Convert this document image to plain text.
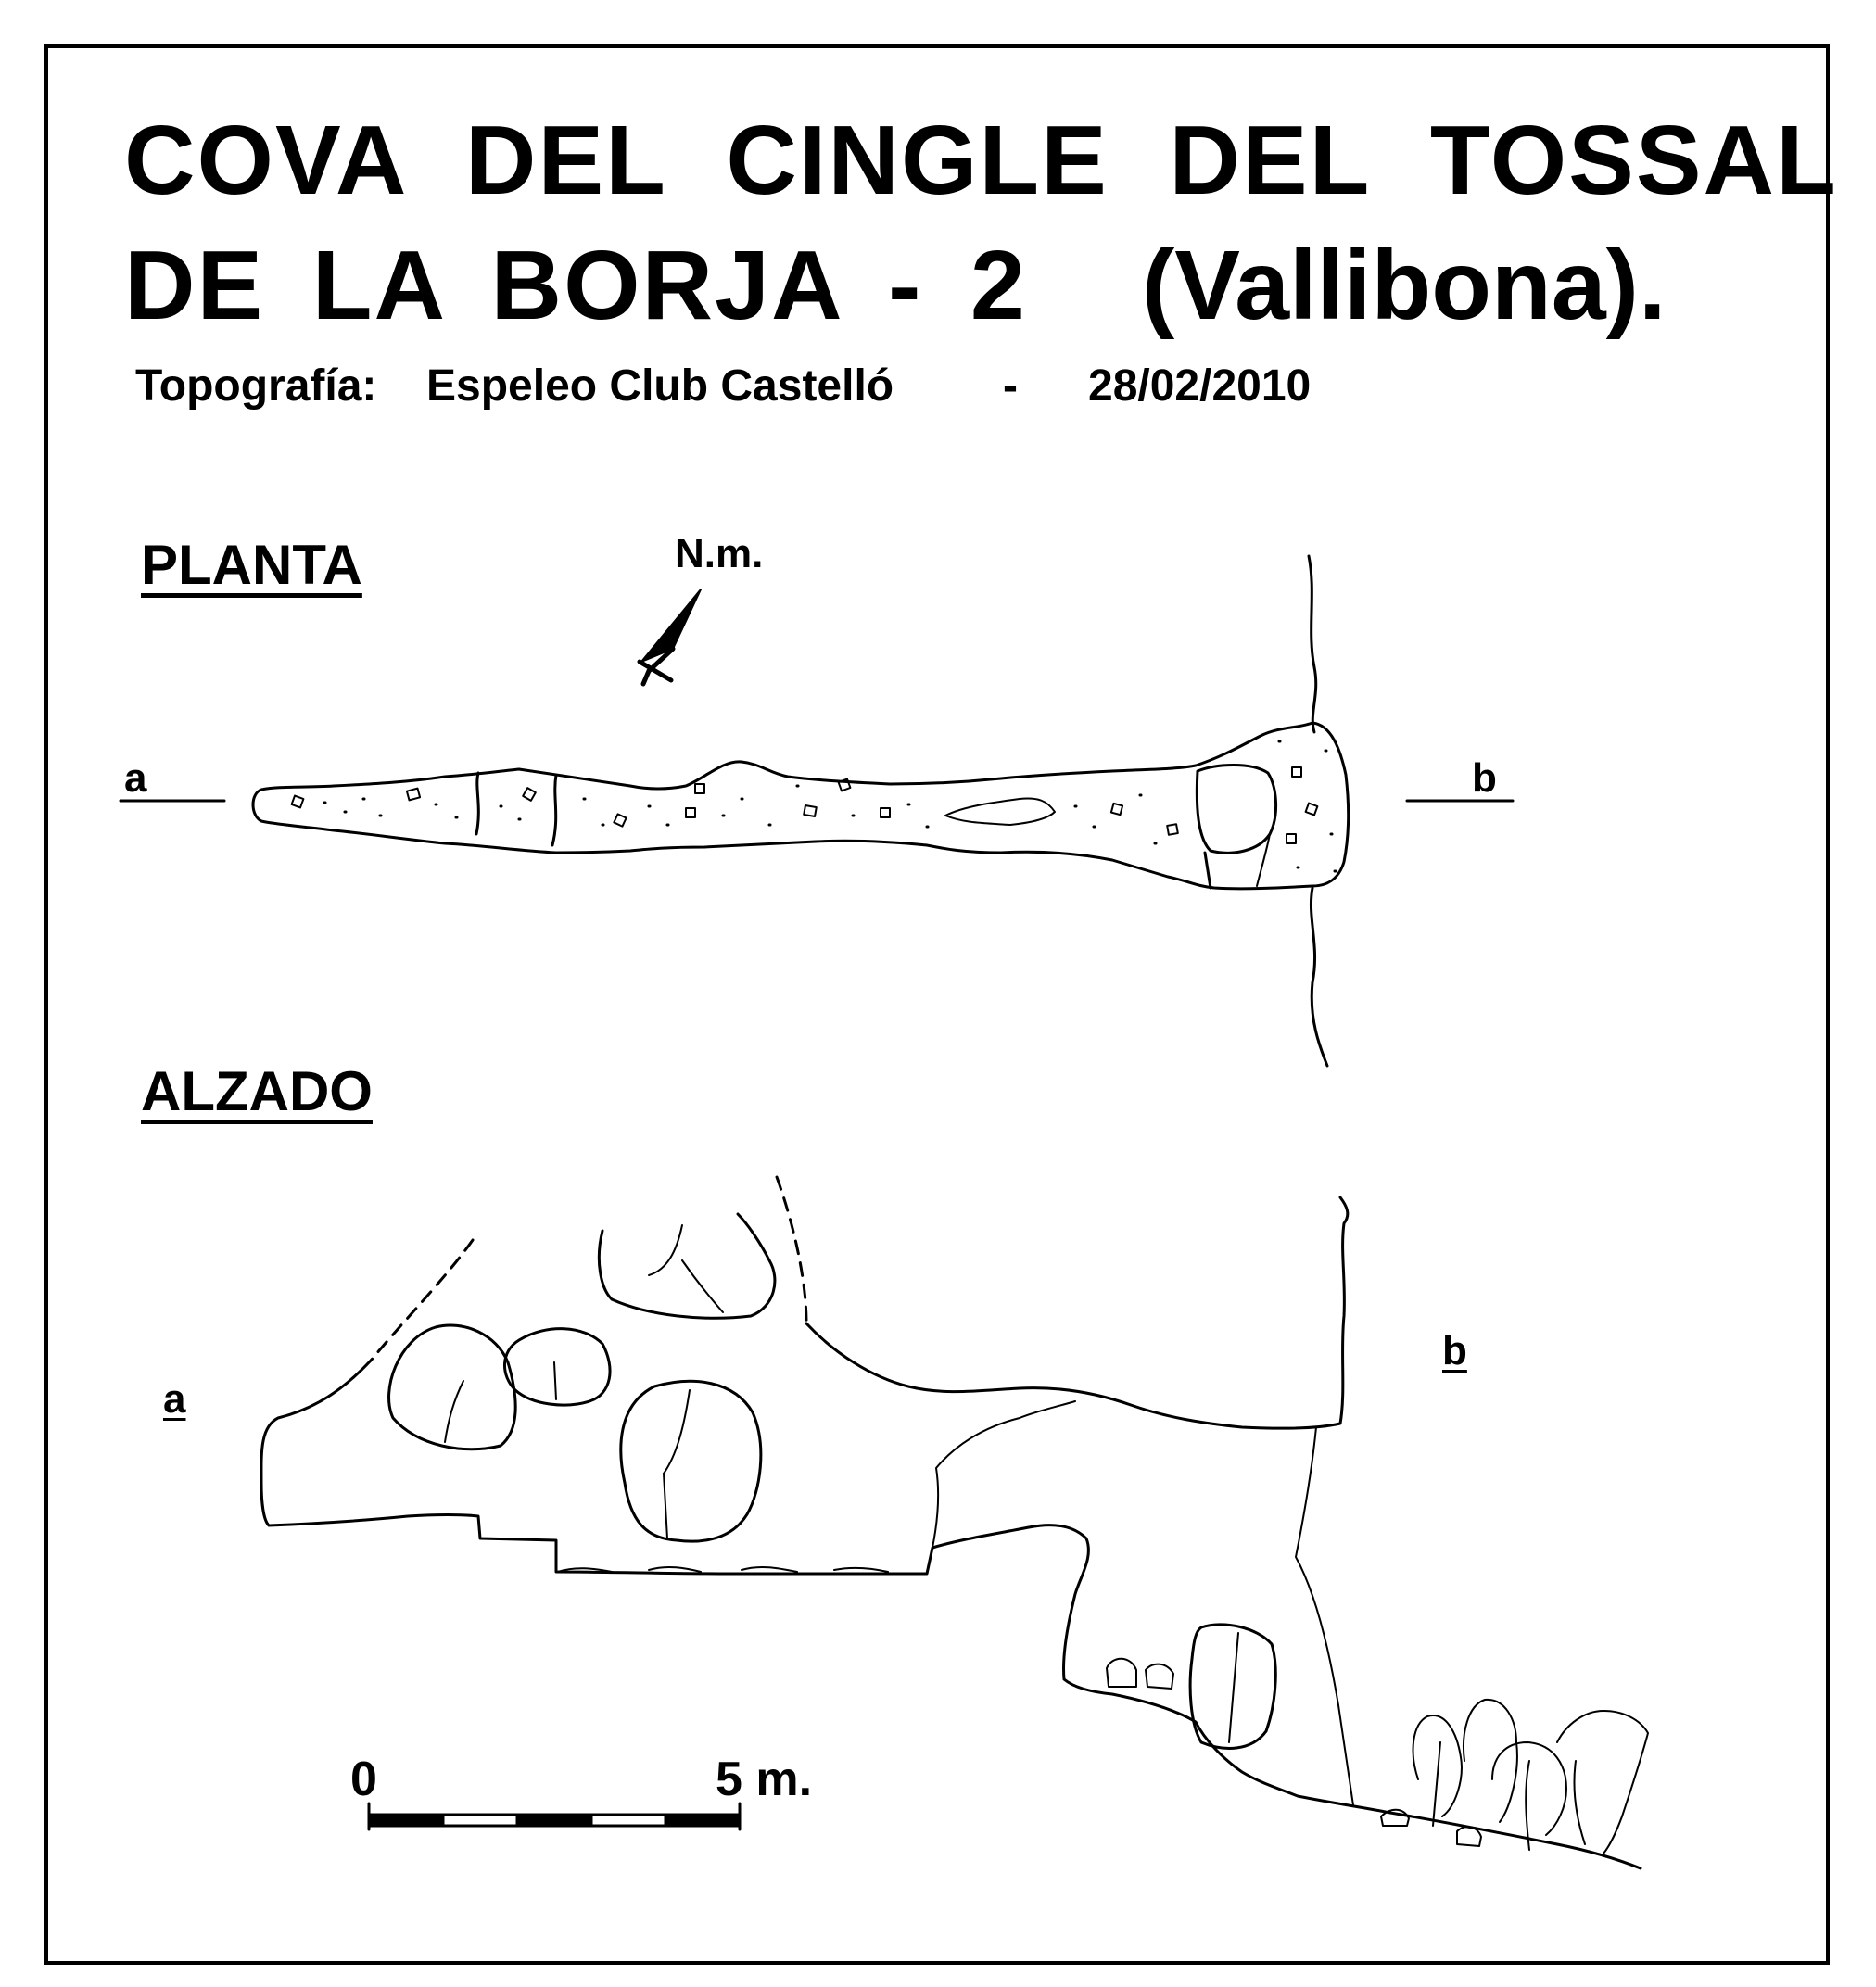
COVA DEL CINGLE DEL TOSSAL
DE LA BORJA - 2 (Vallibona).

Topografía:

Espeleo Club Castelló

-

28/02/2010

PLANTA	N.m.
a	b
ALZADO
a
b
0	5 m.
